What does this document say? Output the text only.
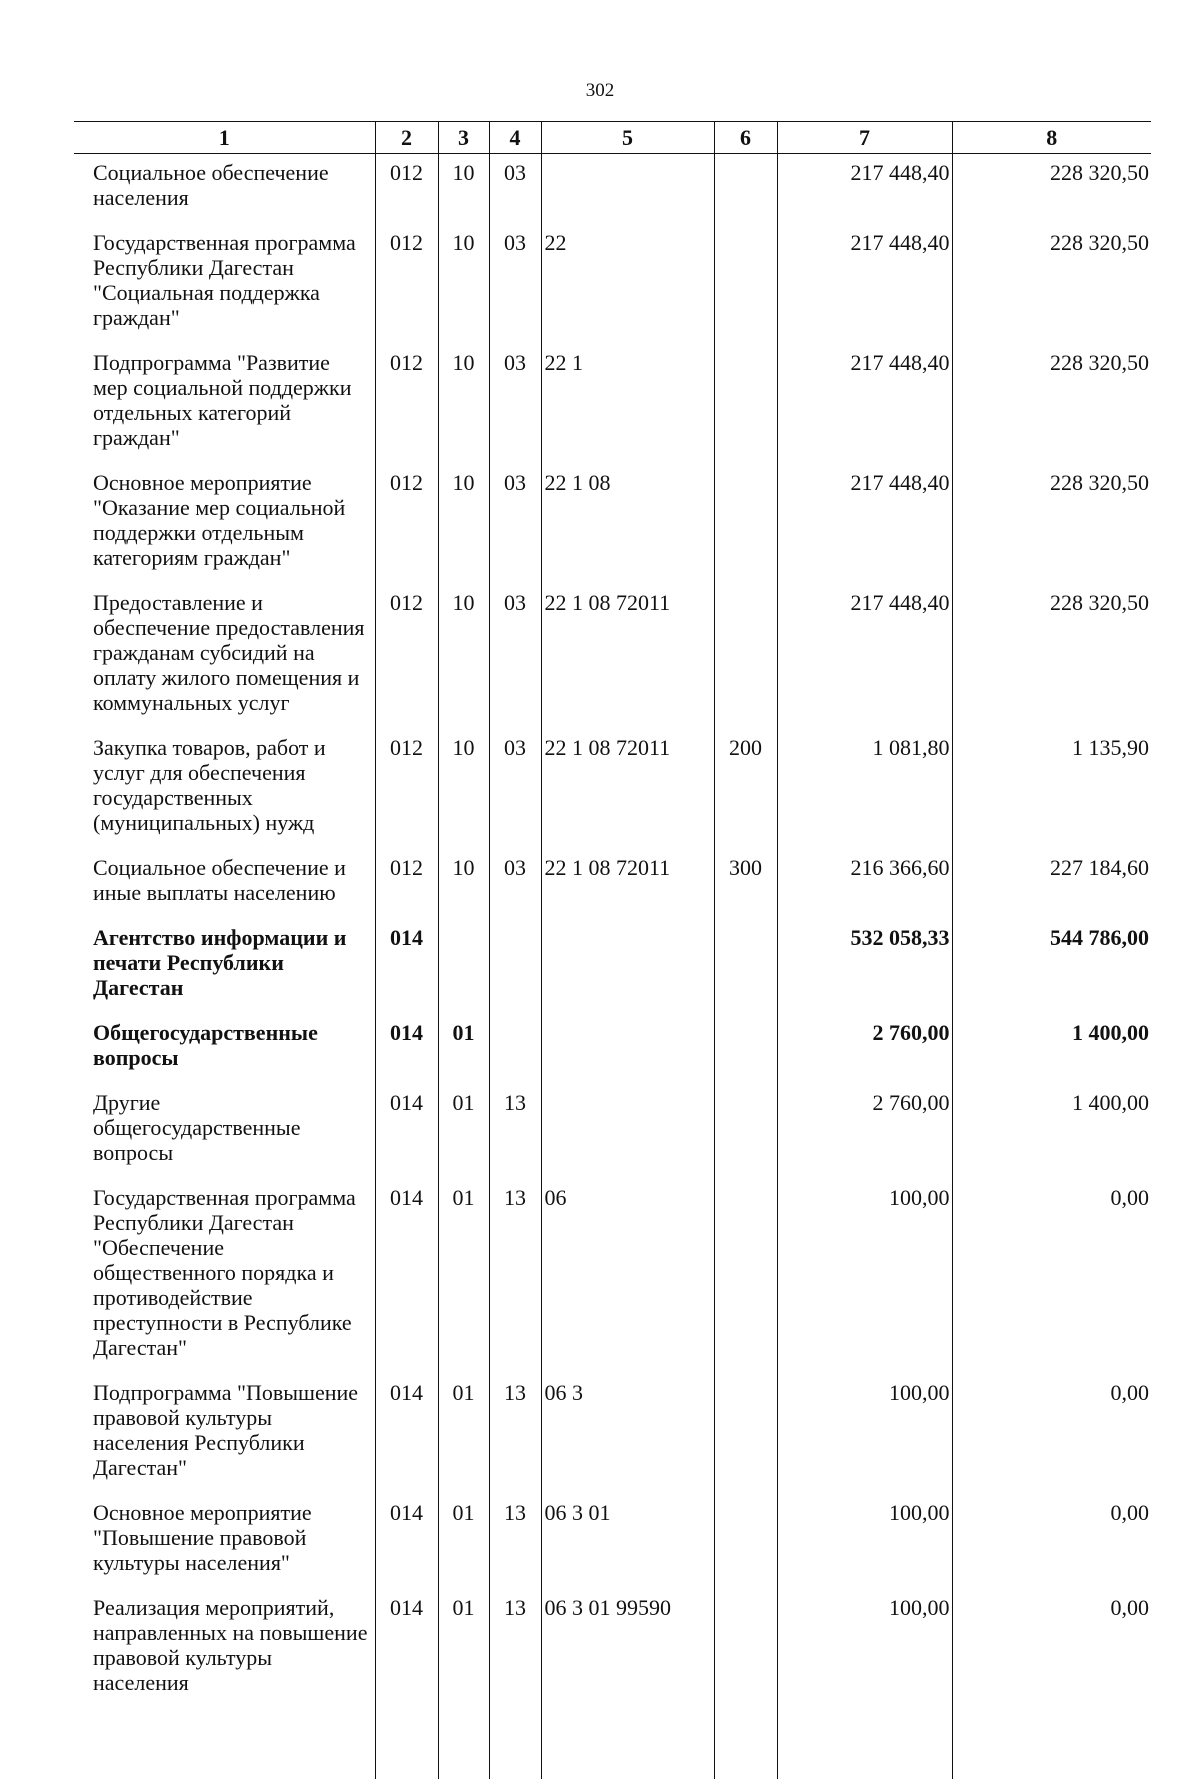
302
1	2	3	4	5	6	7	8
Социальное обеспечение населения	012	10	03			217 448,40	228 320,50
Государственная программа Республики Дагестан "Социальная поддержка граждан"	012	10	03	22		217 448,40	228 320,50
Подпрограмма "Развитие мер социальной поддержки отдельных категорий граждан"	012	10	03	22 1		217 448,40	228 320,50
Основное мероприятие "Оказание мер социальной поддержки отдельным категориям граждан"	012	10	03	22 1 08		217 448,40	228 320,50
Предоставление и обеспечение предоставления гражданам субсидий на оплату жилого помещения и коммунальных услуг	012	10	03	22 1 08 72011		217 448,40	228 320,50
Закупка товаров, работ и услуг для обеспечения государственных (муниципальных) нужд	012	10	03	22 1 08 72011	200	1 081,80	1 135,90
Социальное обеспечение и иные выплаты населению	012	10	03	22 1 08 72011	300	216 366,60	227 184,60
Агентство информации и печати Республики Дагестан	014					532 058,33	544 786,00
Общегосударственные вопросы	014	01				2 760,00	1 400,00
Другие общегосударственные вопросы	014	01	13			2 760,00	1 400,00
Государственная программа Республики Дагестан "Обеспечение общественного порядка и противодействие преступности в Республике Дагестан"	014	01	13	06		100,00	0,00
Подпрограмма "Повышение правовой культуры населения Республики Дагестан"	014	01	13	06 3		100,00	0,00
Основное мероприятие "Повышение правовой культуры населения"	014	01	13	06 3 01		100,00	0,00
Реализация мероприятий, направленных на повышение правовой культуры населения	014	01	13	06 3 01 99590		100,00	0,00
